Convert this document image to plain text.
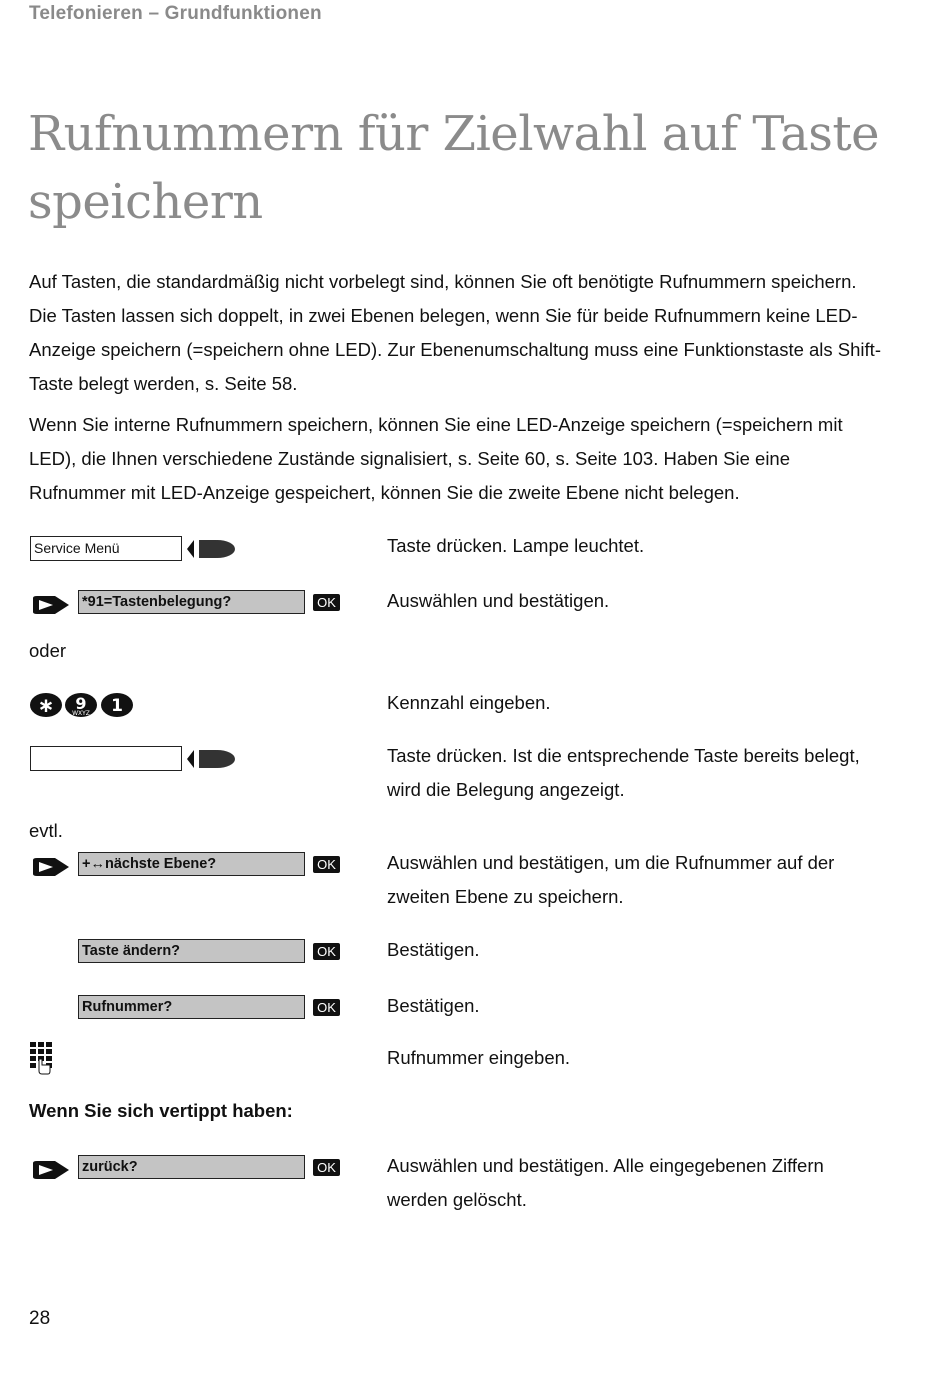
Telefonieren – Grundfunktionen
Rufnummern für Zielwahl auf Taste speichern

Auf Tasten, die standardmäßig nicht vorbelegt sind, können Sie oft benötigte Rufnummern speichern. Die Tasten lassen sich doppelt, in zwei Ebenen belegen, wenn Sie für beide Rufnummern keine LED-Anzeige speichern (=speichern ohne LED). Zur Ebenenumschaltung muss eine Funktionstaste als Shift-Taste belegt werden, s. Seite 58.

Wenn Sie interne Rufnummern speichern, können Sie eine LED-Anzeige speichern (=speichern mit LED), die Ihnen verschiedene Zustände signalisiert, s. Seite 60, s. Seite 103. Haben Sie eine Rufnummer mit LED-Anzeige gespeichert, können Sie die zweite Ebene nicht belegen.

Service Menü	Taste drücken. Lampe leuchtet.
*91=Tastenbelegung?	OK	Auswählen und bestätigen.
oder
∗ 9
WXYZ 1	Kennzahl eingeben.
Taste drücken. Ist die entsprechende Taste bereits belegt, wird die Belegung angezeigt.
evtl.
+↔nächste Ebene?	OK	Auswählen und bestätigen, um die Rufnummer auf der zweiten Ebene zu speichern.
Taste ändern?	OK	Bestätigen.
Rufnummer?	OK	Bestätigen.
Rufnummer eingeben.
Wenn Sie sich vertippt haben:
zurück?	OK	Auswählen und bestätigen. Alle eingegebenen Ziffern werden gelöscht.
28
